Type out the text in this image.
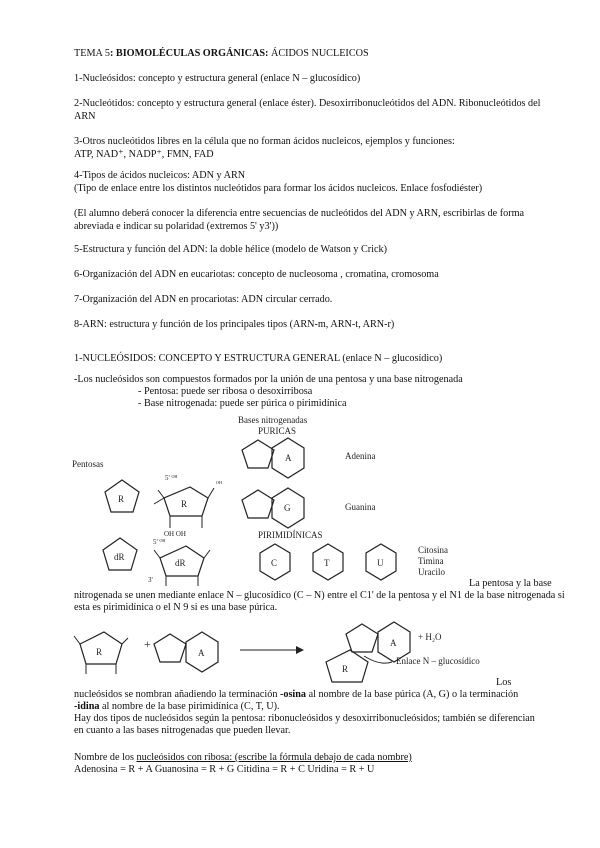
TEMA 5: BIOMOLÉCULAS ORGÁNICAS: ÁCIDOS NUCLEICOS
1-Nucleósidos: concepto y estructura general (enlace N – glucosídico)
2-Nucleótidos: concepto y estructura general (enlace éster). Desoxirribonucleótidos del ADN. Ribonucleótidos del ARN
3-Otros nucleótidos libres en la célula que no forman ácidos nucleicos, ejemplos y funciones:
ATP, NAD⁺, NADP⁺, FMN, FAD
4-Tipos de ácidos nucleicos: ADN y ARN
(Tipo de enlace entre los distintos nucleótidos para formar los ácidos nucleicos. Enlace fosfodiéster)
(El alumno deberá conocer la diferencia entre secuencias de nucleótidos del ADN y ARN, escribirlas de forma abreviada e indicar su polaridad (extremos 5' y3'))
5-Estructura y función del ADN: la doble hélice (modelo de Watson y Crick)
6-Organización del ADN en eucariotas: concepto de nucleosoma , cromatina, cromosoma
7-Organización del ADN en procariotas: ADN circular cerrado.
8-ARN: estructura y función de los principales tipos (ARN-m, ARN-t, ARN-r)
1-NUCLEÓSIDOS: CONCEPTO Y ESTRUCTURA GENERAL (enlace N – glucosídico)
-Los nucleósidos son compuestos formados por la unión de una pentosa y una base nitrogenada
- Pentosa: puede ser ribosa o desoxirribosa
- Base nitrogenada: puede ser púrica o pirimidínica
Bases nitrogenadas
PURICAS
Pentosas
R
dR
R
5' ᴼᴴ
ᴼᴴ
OH OH
dR
5' ᴼᴴ
3'
A	Adenina
G	Guanina
PIRIMIDÍNICAS
C	T	U
Citosina
Timina
Uracilo
La pentosa y la base
nitrogenada se unen mediante enlace N – glucosídico (C – N) entre el C1' de la pentosa y el N1 de la base nitrogenada si
esta es pirimidínica o el N 9 si es una base púrica.
R
+
A
R
A
+ H₂O
Enlace N – glucosídico
Los
nucleósidos se nombran añadiendo la terminación -osina al nombre de la base púrica (A, G) o la terminación
-idina al nombre de la base pirimidínica (C, T, U).
Hay dos tipos de nucleósidos según la pentosa: ribonucleósidos y desoxirribonucleósidos; también se diferencian
en cuanto a las bases nitrogenadas que pueden llevar.
Nombre de los nucleósidos con ribosa: (escribe la fórmula debajo de cada nombre)
Adenosina = R + A Guanosina = R + G Citidina = R + C Uridina = R + U
